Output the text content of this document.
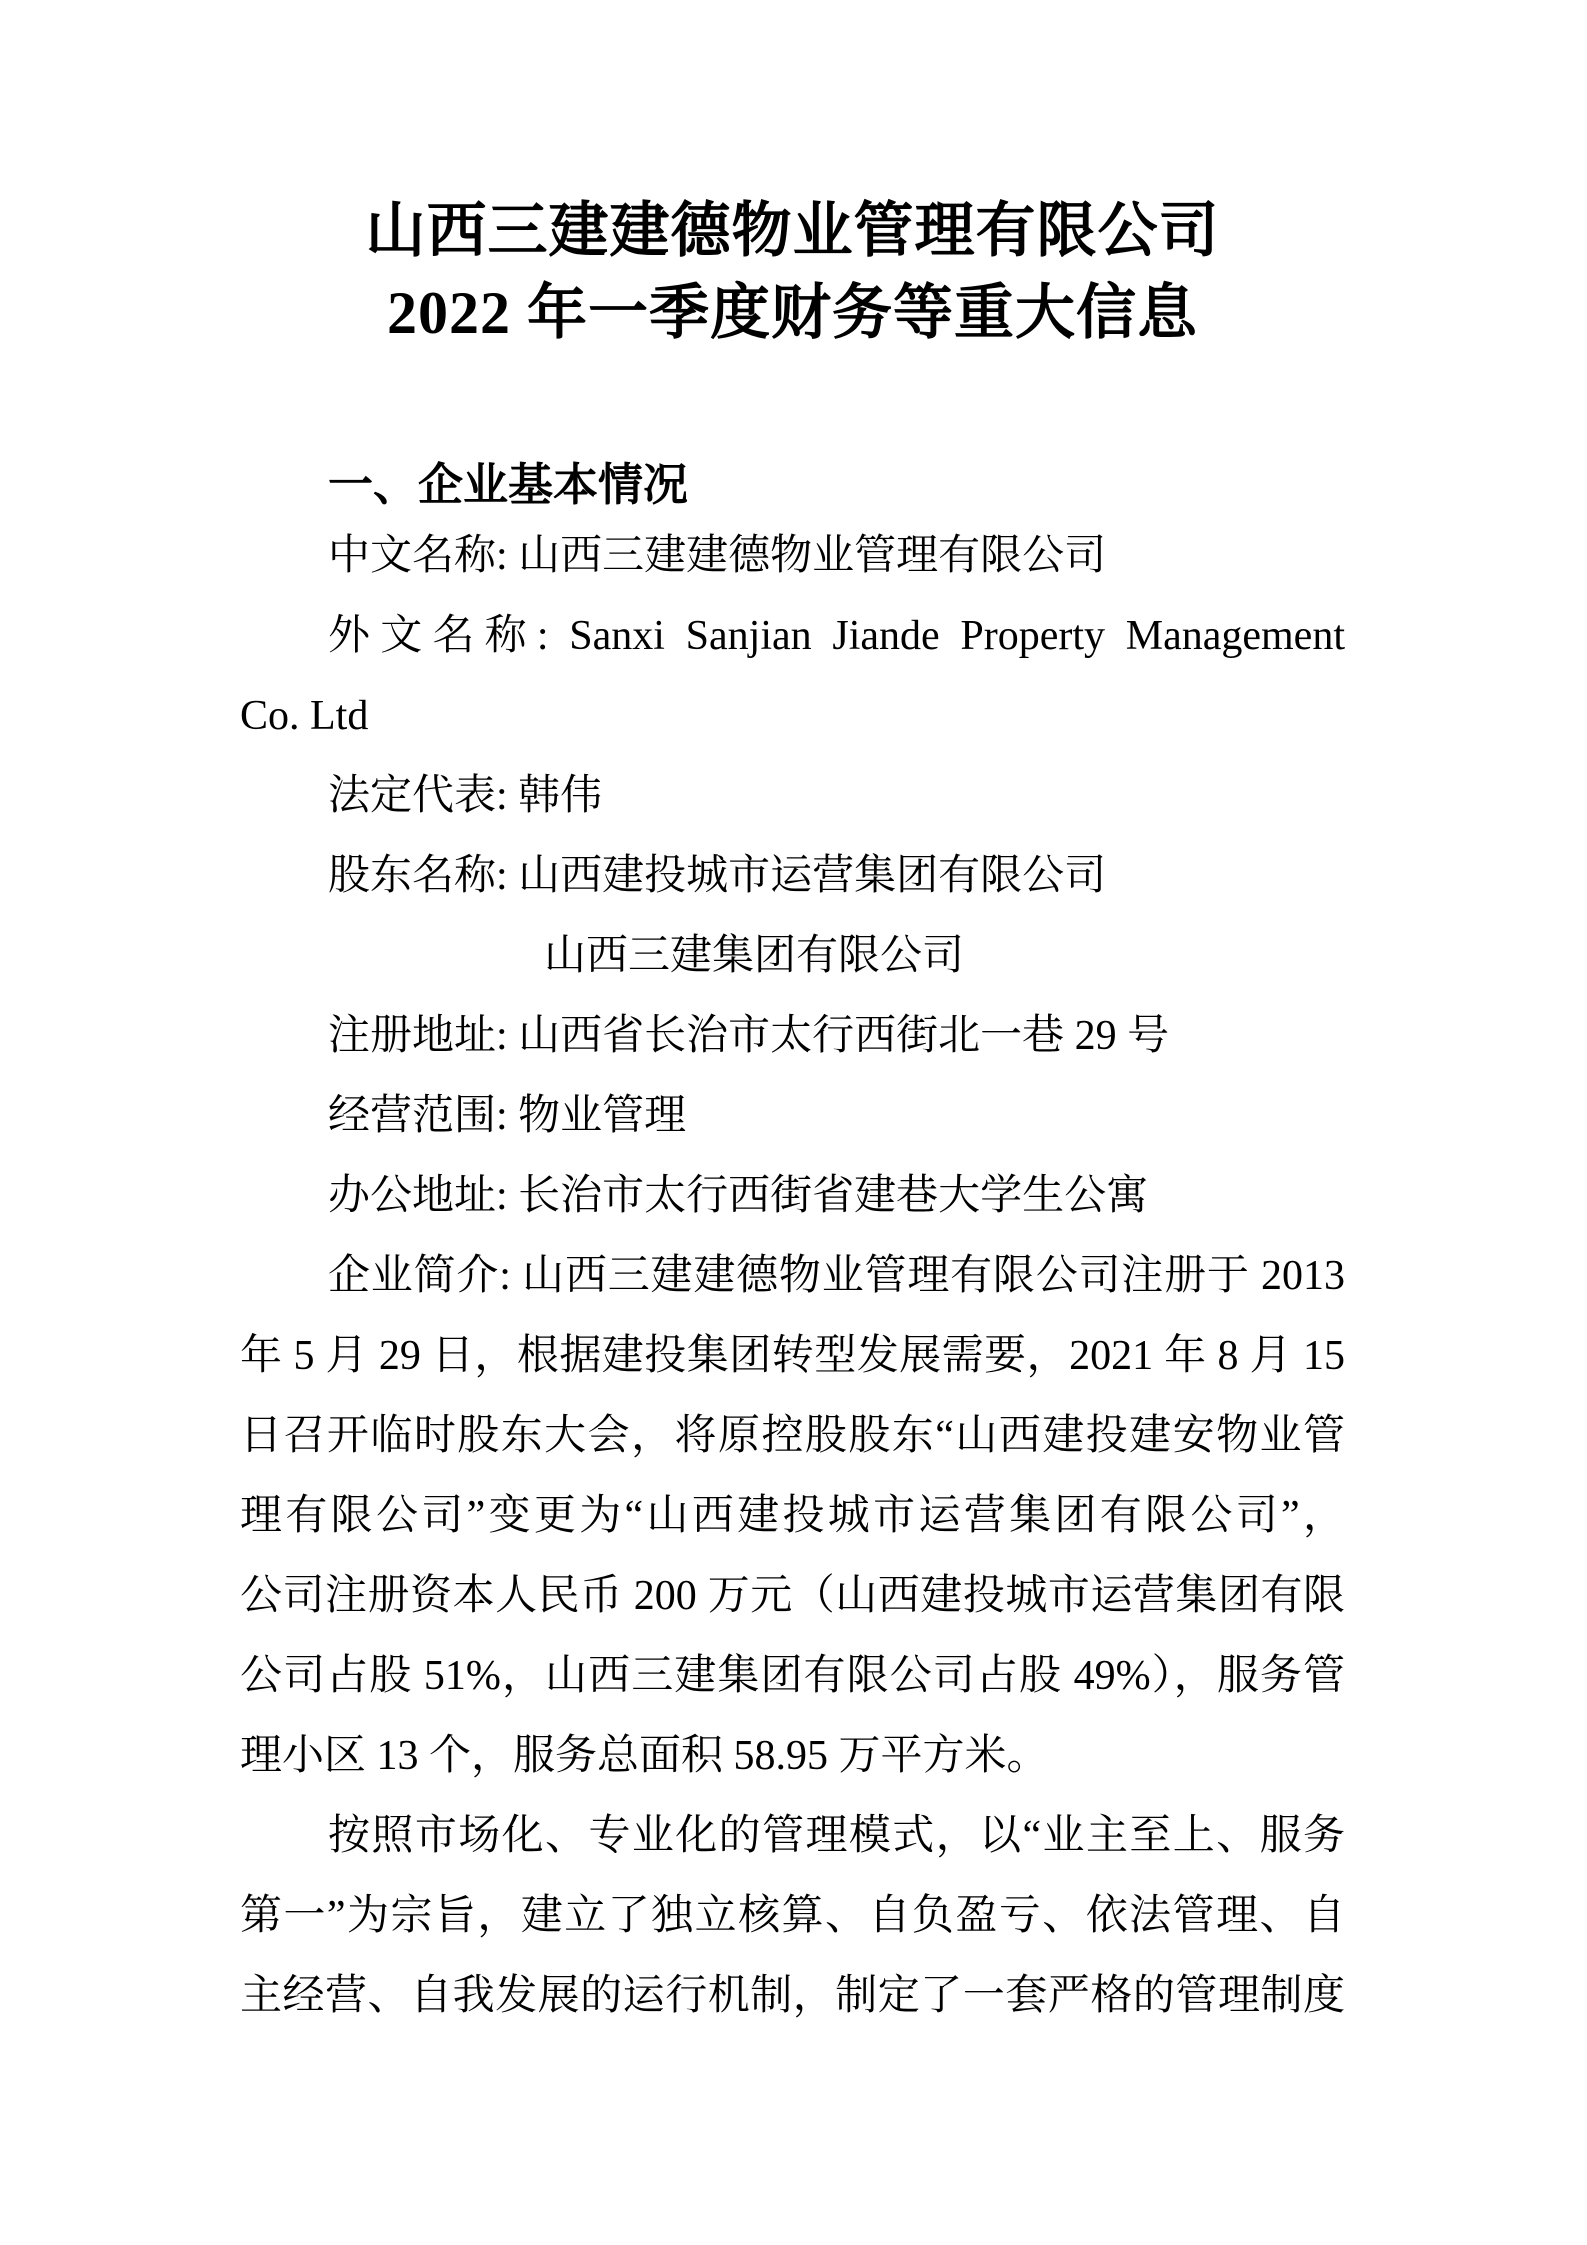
山西三建建德物业管理有限公司
2022 年一季度财务等重大信息
一、企业基本情况
中文名称: 山西三建建德物业管理有限公司
外文名称: Sanxi Sanjian Jiande Property Management
Co. Ltd
法定代表: 韩伟
股东名称: 山西建投城市运营集团有限公司
山西三建集团有限公司
注册地址: 山西省长治市太行西街北一巷 29 号
经营范围: 物业管理
办公地址: 长治市太行西街省建巷大学生公寓
企业简介: 山西三建建德物业管理有限公司注册于 2013
年 5 月 29 日，根据建投集团转型发展需要，2021 年 8 月 15
日召开临时股东大会，将原控股股东“山西建投建安物业管
理有限公司”变更为“山西建投城市运营集团有限公司”，
公司注册资本人民币 200 万元（山西建投城市运营集团有限
公司占股 51%，山西三建集团有限公司占股 49%），服务管
理小区 13 个，服务总面积 58.95 万平方米。
按照市场化、专业化的管理模式，以“业主至上、服务
第一”为宗旨，建立了独立核算、自负盈亏、依法管理、自
主经营、自我发展的运行机制，制定了一套严格的管理制度
